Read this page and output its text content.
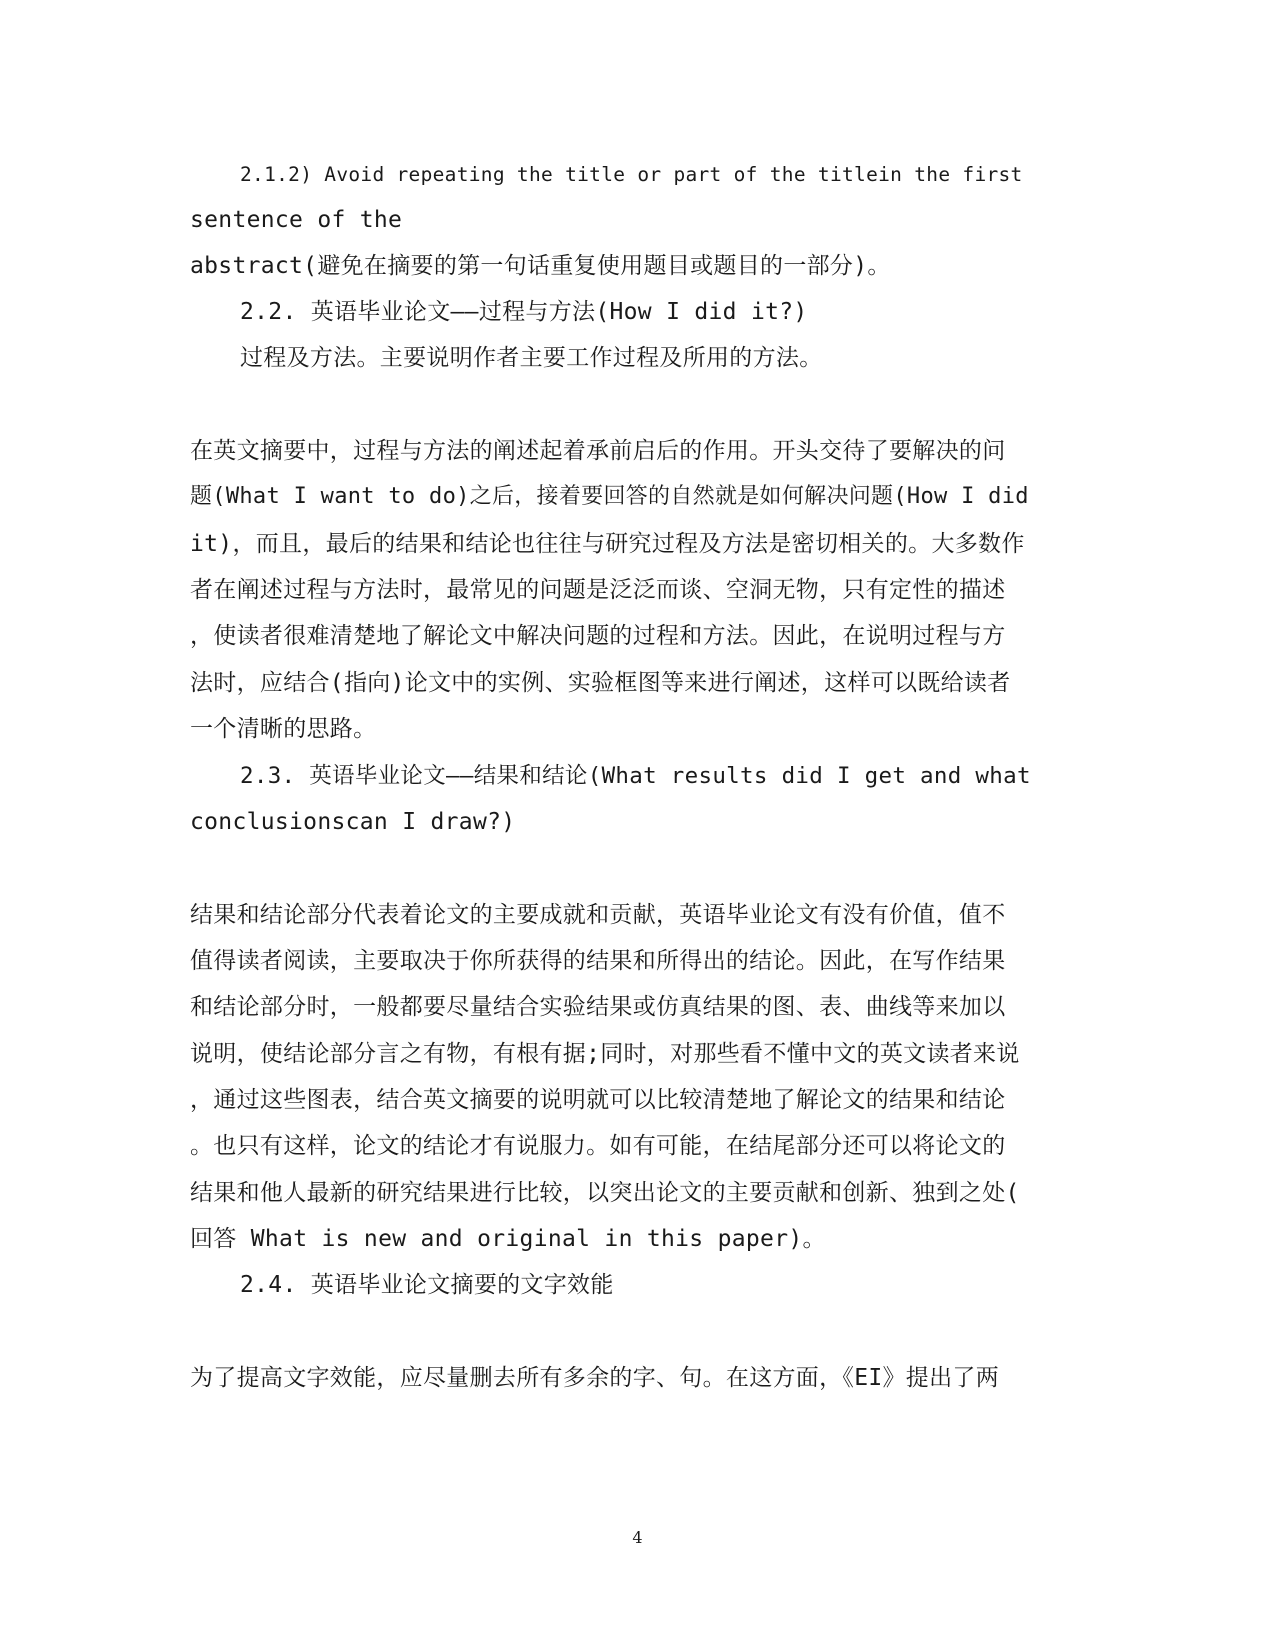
2.1.2) Avoid repeating the title or part of the titlein the first
sentence of the
abstract(避免在摘要的第一句话重复使用题目或题目的一部分)。
2.2. 英语毕业论文——过程与方法(How I did it?)
过程及方法。主要说明作者主要工作过程及所用的方法。
在英文摘要中，过程与方法的阐述起着承前启后的作用。开头交待了要解决的问
题(What I want to do)之后，接着要回答的自然就是如何解决问题(How I did
it)，而且，最后的结果和结论也往往与研究过程及方法是密切相关的。大多数作
者在阐述过程与方法时，最常见的问题是泛泛而谈、空洞无物，只有定性的描述
，使读者很难清楚地了解论文中解决问题的过程和方法。因此，在说明过程与方
法时，应结合(指向)论文中的实例、实验框图等来进行阐述，这样可以既给读者
一个清晰的思路。
2.3. 英语毕业论文——结果和结论(What results did I get and what
conclusionscan I draw?)
结果和结论部分代表着论文的主要成就和贡献，英语毕业论文有没有价值，值不
值得读者阅读，主要取决于你所获得的结果和所得出的结论。因此，在写作结果
和结论部分时，一般都要尽量结合实验结果或仿真结果的图、表、曲线等来加以
说明，使结论部分言之有物，有根有据;同时，对那些看不懂中文的英文读者来说
，通过这些图表，结合英文摘要的说明就可以比较清楚地了解论文的结果和结论
。也只有这样，论文的结论才有说服力。如有可能，在结尾部分还可以将论文的
结果和他人最新的研究结果进行比较，以突出论文的主要贡献和创新、独到之处(
回答 What is new and original in this paper)。
2.4. 英语毕业论文摘要的文字效能
为了提高文字效能，应尽量删去所有多余的字、句。在这方面，《EI》提出了两
4
